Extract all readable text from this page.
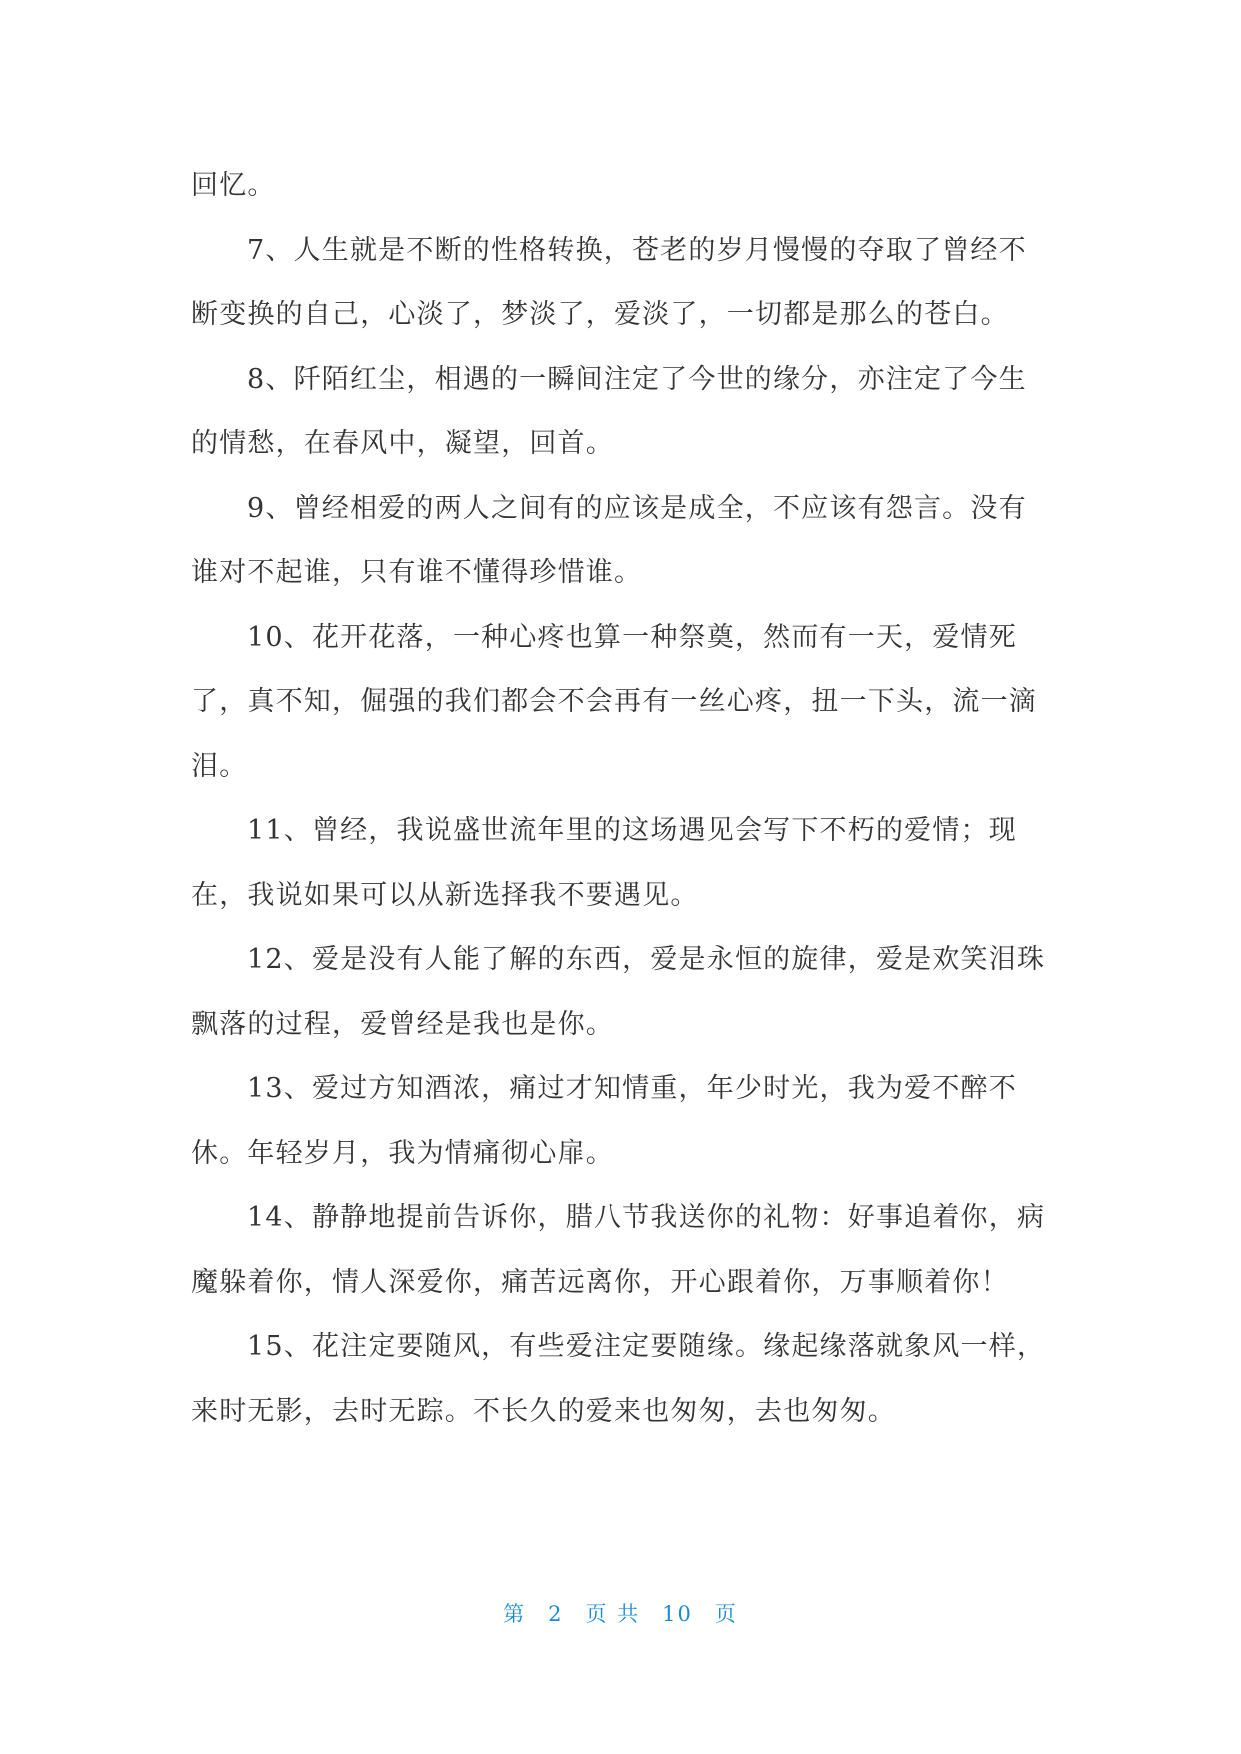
回忆。

7、人生就是不断的性格转换，苍老的岁月慢慢的夺取了曾经不断变换的自己，心淡了，梦淡了，爱淡了，一切都是那么的苍白。

8、阡陌红尘，相遇的一瞬间注定了今世的缘分，亦注定了今生的情愁，在春风中，凝望，回首。

9、曾经相爱的两人之间有的应该是成全，不应该有怨言。没有谁对不起谁，只有谁不懂得珍惜谁。

10、花开花落，一种心疼也算一种祭奠，然而有一天，爱情死了，真不知，倔强的我们都会不会再有一丝心疼，扭一下头，流一滴泪。

11、曾经，我说盛世流年里的这场遇见会写下不朽的爱情；现在，我说如果可以从新选择我不要遇见。

12、爱是没有人能了解的东西，爱是永恒的旋律，爱是欢笑泪珠飘落的过程，爱曾经是我也是你。

13、爱过方知酒浓，痛过才知情重，年少时光，我为爱不醉不休。年轻岁月，我为情痛彻心扉。

14、静静地提前告诉你，腊八节我送你的礼物：好事追着你，病魔躲着你，情人深爱你，痛苦远离你，开心跟着你，万事顺着你！

15、花注定要随风，有些爱注定要随缘。缘起缘落就象风一样，来时无影，去时无踪。不长久的爱来也匆匆，去也匆匆。

第 2 页 共 10 页
